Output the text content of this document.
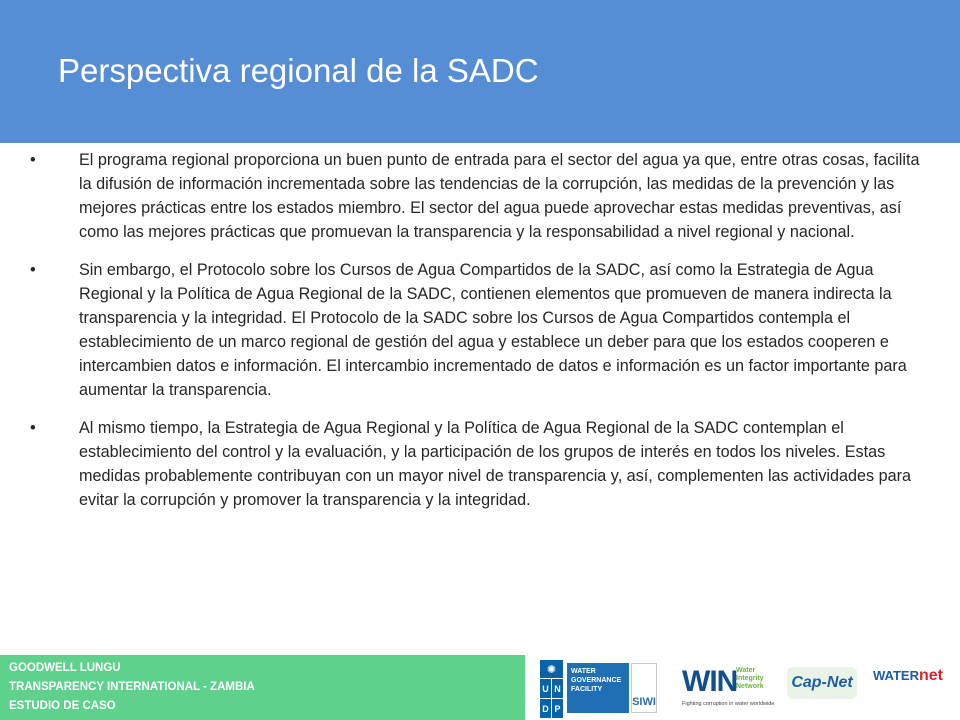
Perspectiva regional de la SADC

•	El programa regional proporciona un buen punto de entrada para el sector del agua ya que, entre otras cosas, facilita la difusión de información incrementada sobre las tendencias de la corrupción, las medidas de la prevención y las mejores prácticas entre los estados miembro. El sector del agua puede aprovechar estas medidas preventivas, así como las mejores prácticas que promuevan la transparencia y la responsabilidad a nivel regional y nacional.

•	Sin embargo, el Protocolo sobre los Cursos de Agua Compartidos de la SADC, así como la Estrategia de Agua Regional y la Política de Agua Regional de la SADC, contienen elementos que promueven de manera indirecta la transparencia y la integridad. El Protocolo de la SADC sobre los Cursos de Agua Compartidos contempla el establecimiento de un marco regional de gestión del agua y establece un deber para que los estados cooperen e intercambien datos e información. El intercambio incrementado de datos e información es un factor importante para aumentar la transparencia.

•	Al mismo tiempo, la Estrategia de Agua Regional y la Política de Agua Regional de la SADC contemplan el establecimiento del control y la evaluación, y la participación de los grupos de interés en todos los niveles. Estas medidas probablemente contribuyan con un mayor nivel de transparencia y, así, complementen las actividades para evitar la corrupción y promover la transparencia y la integridad.

GOODWELL LUNGU
TRANSPARENCY INTERNATIONAL - ZAMBIA
ESTUDIO DE CASO
✺
U N
D P
WATER
GOVERNANCE
FACILITY
SIWI
WIN
Water
Integrity
Network
Fighting corruption in water worldwide
Cap-Net	WATERnet
